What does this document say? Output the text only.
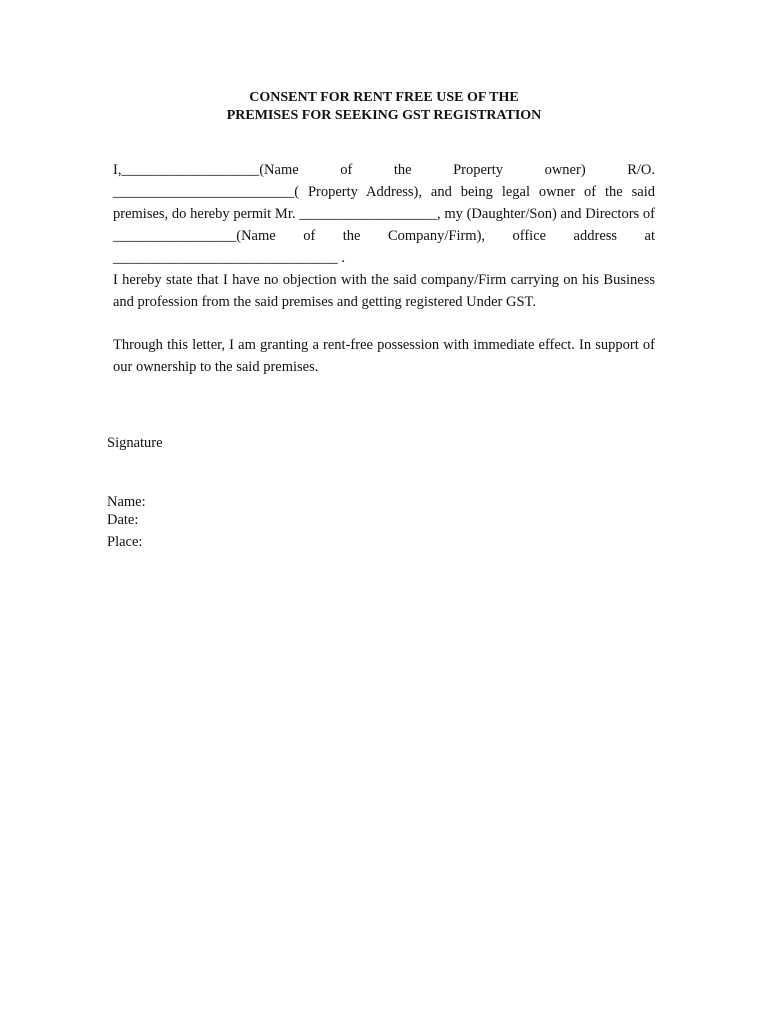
CONSENT FOR RENT FREE USE OF THE

PREMISES FOR SEEKING GST REGISTRATION

I,___________________(Name of the Property owner) R/O. _________________________( Property Address), and being legal owner of the said premises, do hereby permit Mr. ___________________, my (Daughter/Son) and Directors of _________________(Name of the Company/Firm), office address at _______________________________ .

I hereby state that I have no objection with the said company/Firm carrying on his Business and profession from the said premises and getting registered Under GST.

Through this letter, I am granting a rent-free possession with immediate effect. In support of our ownership to the said premises.

Signature

Name:

Date:

Place:
